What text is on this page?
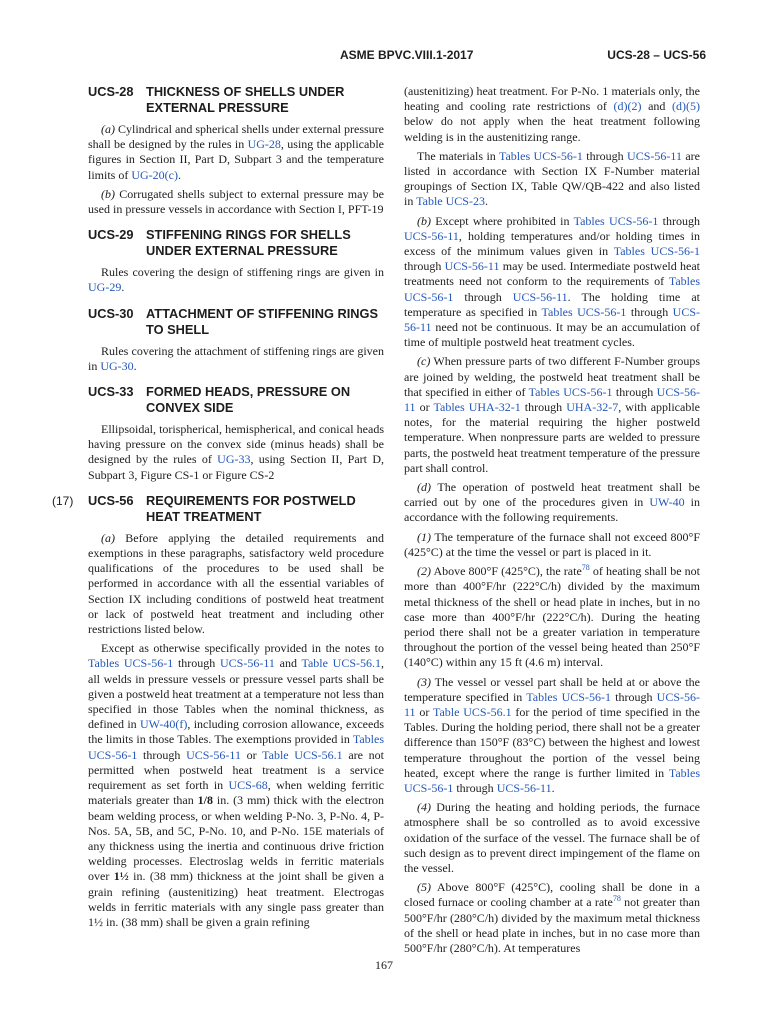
ASME BPVC.VIII.1-2017	UCS-28 – UCS-56
UCS-28 THICKNESS OF SHELLS UNDER EXTERNAL PRESSURE

(a) Cylindrical and spherical shells under external pressure shall be designed by the rules in UG-28, using the applicable figures in Section II, Part D, Subpart 3 and the temperature limits of UG-20(c).

(b) Corrugated shells subject to external pressure may be used in pressure vessels in accordance with Section I, PFT-19

UCS-29 STIFFENING RINGS FOR SHELLS UNDER EXTERNAL PRESSURE

Rules covering the design of stiffening rings are given in UG-29.

UCS-30 ATTACHMENT OF STIFFENING RINGS TO SHELL

Rules covering the attachment of stiffening rings are given in UG-30.

UCS-33 FORMED HEADS, PRESSURE ON CONVEX SIDE

Ellipsoidal, torispherical, hemispherical, and conical heads having pressure on the convex side (minus heads) shall be designed by the rules of UG-33, using Section II, Part D, Subpart 3, Figure CS-1 or Figure CS-2

(17) UCS-56 REQUIREMENTS FOR POSTWELD HEAT TREATMENT

(a) Before applying the detailed requirements and exemptions in these paragraphs, satisfactory weld procedure qualifications of the procedures to be used shall be performed in accordance with all the essential variables of Section IX including conditions of postweld heat treatment or lack of postweld heat treatment and including other restrictions listed below.

Except as otherwise specifically provided in the notes to Tables UCS-56-1 through UCS-56-11 and Table UCS-56.1, all welds in pressure vessels or pressure vessel parts shall be given a postweld heat treatment at a temperature not less than specified in those Tables when the nominal thickness, as defined in UW-40(f), including corrosion allowance, exceeds the limits in those Tables. The exemptions provided in Tables UCS-56-1 through UCS-56-11 or Table UCS-56.1 are not permitted when postweld heat treatment is a service requirement as set forth in UCS-68, when welding ferritic materials greater than 1/8 in. (3 mm) thick with the electron beam welding process, or when welding P-No. 3, P-No. 4, P-Nos. 5A, 5B, and 5C, P-No. 10, and P-No. 15E materials of any thickness using the inertia and continuous drive friction welding processes. Electroslag welds in ferritic materials over 1½ in. (38 mm) thickness at the joint shall be given a grain refining (austenitizing) heat treatment. Electrogas welds in ferritic materials with any single pass greater than 1½ in. (38 mm) shall be given a grain refining

(austenitizing) heat treatment. For P-No. 1 materials only, the heating and cooling rate restrictions of (d)(2) and (d)(5) below do not apply when the heat treatment following welding is in the austenitizing range.

The materials in Tables UCS-56-1 through UCS-56-11 are listed in accordance with Section IX F-Number material groupings of Section IX, Table QW/QB-422 and also listed in Table UCS-23.

(b) Except where prohibited in Tables UCS-56-1 through UCS-56-11, holding temperatures and/or holding times in excess of the minimum values given in Tables UCS-56-1 through UCS-56-11 may be used. Intermediate postweld heat treatments need not conform to the requirements of Tables UCS-56-1 through UCS-56-11. The holding time at temperature as specified in Tables UCS-56-1 through UCS-56-11 need not be continuous. It may be an accumulation of time of multiple postweld heat treatment cycles.

(c) When pressure parts of two different F-Number groups are joined by welding, the postweld heat treatment shall be that specified in either of Tables UCS-56-1 through UCS-56-11 or Tables UHA-32-1 through UHA-32-7, with applicable notes, for the material requiring the higher postweld temperature. When nonpressure parts are welded to pressure parts, the postweld heat treatment temperature of the pressure part shall control.

(d) The operation of postweld heat treatment shall be carried out by one of the procedures given in UW-40 in accordance with the following requirements.

(1) The temperature of the furnace shall not exceed 800°F (425°C) at the time the vessel or part is placed in it.

(2) Above 800°F (425°C), the rate$^{78}$ of heating shall be not more than 400°F/hr (222°C/h) divided by the maximum metal thickness of the shell or head plate in inches, but in no case more than 400°F/hr (222°C/h). During the heating period there shall not be a greater variation in temperature throughout the portion of the vessel being heated than 250°F (140°C) within any 15 ft (4.6 m) interval.

(3) The vessel or vessel part shall be held at or above the temperature specified in Tables UCS-56-1 through UCS-56-11 or Table UCS-56.1 for the period of time specified in the Tables. During the holding period, there shall not be a greater difference than 150°F (83°C) between the highest and lowest temperature throughout the portion of the vessel being heated, except where the range is further limited in Tables UCS-56-1 through UCS-56-11.

(4) During the heating and holding periods, the furnace atmosphere shall be so controlled as to avoid excessive oxidation of the surface of the vessel. The furnace shall be of such design as to prevent direct impingement of the flame on the vessel.

(5) Above 800°F (425°C), cooling shall be done in a closed furnace or cooling chamber at a rate$^{78}$ not greater than 500°F/hr (280°C/h) divided by the maximum metal thickness of the shell or head plate in inches, but in no case more than 500°F/hr (280°C/h). At temperatures

167
